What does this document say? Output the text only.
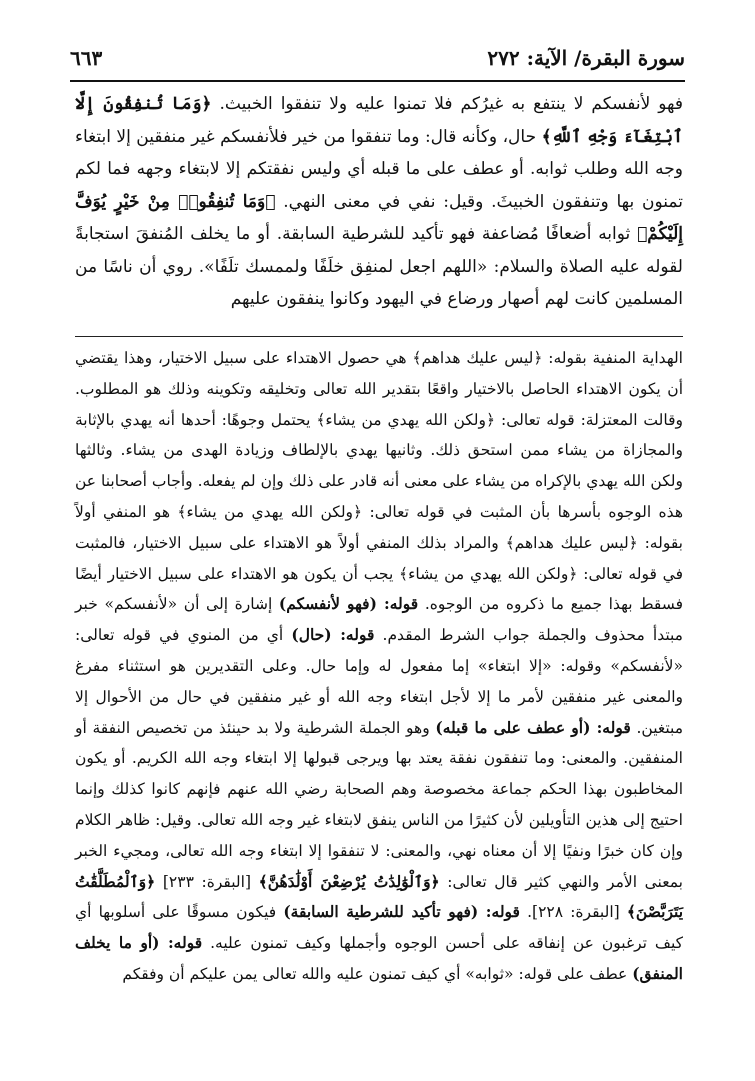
٦٦٣	سورة البقرة/ الآية: ٢٧٢

فهو لأنفسكم لا ينتفع به غيرُكم فلا تمنوا عليه ولا تنفقوا الخبيث. ﴿وَمَا تُنفِقُونَ إِلَّا ٱبْتِغَآءَ وَجْهِ ٱللَّهِ﴾ حال، وكأنه قال: وما تنفقوا من خير فلأنفسكم غير منفقين إلا ابتغاء وجه الله وطلب ثوابه. أو عطف على ما قبله أي وليس نفقتكم إلا لابتغاء وجهه فما لكم تمنون بها وتنفقون الخبيثَ. وقيل: نفي في معنى النهي. ﴿وَمَا تُنفِقُوا۟ مِنْ خَيْرٍ يُوَفَّ إِلَيْكُمْ﴾ ثوابه أضعافًا مُضاعفة فهو تأكيد للشرطية السابقة. أو ما يخلف المُنفقَ استجابةً لقوله عليه الصلاة والسلام: «اللهم اجعل لمنفِق خلَفًا ولممسك تلَفًا». روي أن ناسًا من المسلمين كانت لهم أصهار ورضاع في اليهود وكانوا ينفقون عليهم

الهداية المنفية بقوله: ﴿ليس عليك هداهم﴾ هي حصول الاهتداء على سبيل الاختيار، وهذا يقتضي أن يكون الاهتداء الحاصل بالاختيار واقعًا بتقدير الله تعالى وتخليقه وتكوينه وذلك هو المطلوب. وقالت المعتزلة: قوله تعالى: ﴿ولكن الله يهدي من يشاء﴾ يحتمل وجوهًا: أحدها أنه يهدي بالإثابة والمجازاة من يشاء ممن استحق ذلك. وثانيها يهدي بالإلطاف وزيادة الهدى من يشاء. وثالثها ولكن الله يهدي بالإكراه من يشاء على معنى أنه قادر على ذلك وإن لم يفعله. وأجاب أصحابنا عن هذه الوجوه بأسرها بأن المثبت في قوله تعالى: ﴿ولكن الله يهدي من يشاء﴾ هو المنفي أولاً بقوله: ﴿ليس عليك هداهم﴾ والمراد بذلك المنفي أولاً هو الاهتداء على سبيل الاختيار، فالمثبت في قوله تعالى: ﴿ولكن الله يهدي من يشاء﴾ يجب أن يكون هو الاهتداء على سبيل الاختيار أيضًا فسقط بهذا جميع ما ذكروه من الوجوه. قوله: (فهو لأنفسكم) إشارة إلى أن «لأنفسكم» خبر مبتدأ محذوف والجملة جواب الشرط المقدم. قوله: (حال) أي من المنوي في قوله تعالى: «لأنفسكم» وقوله: «إلا ابتغاء» إما مفعول له وإما حال. وعلى التقديرين هو استثناء مفرغ والمعنى غير منفقين لأمر ما إلا لأجل ابتغاء وجه الله أو غير منفقين في حال من الأحوال إلا مبتغين. قوله: (أو عطف على ما قبله) وهو الجملة الشرطية ولا بد حينئذ من تخصيص النفقة أو المنفقين. والمعنى: وما تنفقون نفقة يعتد بها ويرجى قبولها إلا ابتغاء وجه الله الكريم. أو يكون المخاطبون بهذا الحكم جماعة مخصوصة وهم الصحابة رضي الله عنهم فإنهم كانوا كذلك وإنما احتيج إلى هذين التأويلين لأن كثيرًا من الناس ينفق لابتغاء غير وجه الله تعالى. وقيل: ظاهر الكلام وإن كان خبرًا ونفيًا إلا أن معناه نهي، والمعنى: لا تنفقوا إلا ابتغاء وجه الله تعالى، ومجيء الخبر بمعنى الأمر والنهي كثير قال تعالى: ﴿وَٱلْوَٰلِدَٰتُ يُرْضِعْنَ أَوْلَٰدَهُنَّ﴾ [البقرة: ٢٣٣] ﴿وَٱلْمُطَلَّقَٰتُ يَتَرَبَّصْنَ﴾ [البقرة: ٢٢٨]. قوله: (فهو تأكيد للشرطية السابقة) فيكون مسوقًا على أسلوبها أي كيف ترغبون عن إنفاقه على أحسن الوجوه وأجملها وكيف تمنون عليه. قوله: (أو ما يخلف المنفق) عطف على قوله: «ثوابه» أي كيف تمنون عليه والله تعالى يمن عليكم أن وفقكم
